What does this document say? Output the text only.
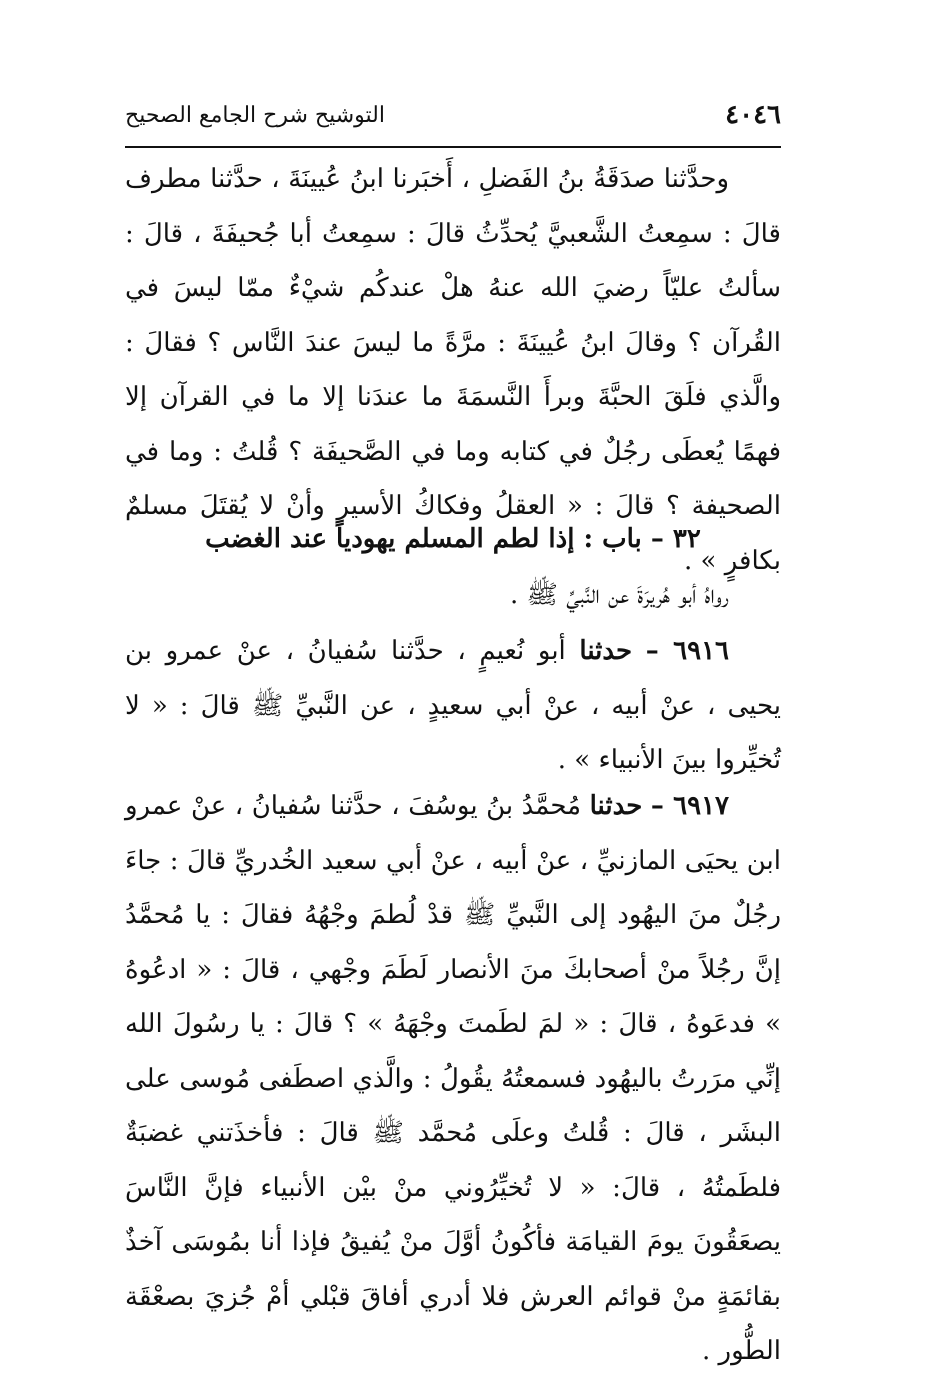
٤٠٤٦
التوشيح شرح الجامع الصحيح

وحدَّثنا صدَقَةُ بنُ الفَضلِ ، أَخبَرنا ابنُ عُيينَةَ ، حدَّثنا مطرف قالَ : سمِعتُ الشَّعبيَّ يُحدِّثُ قالَ : سمِعتُ أبا جُحيفَةَ ، قالَ : سألتُ عليّاً رضيَ الله عنهُ هلْ عندكُم شيْءٌ ممّا ليسَ في القُرآن ؟ وقالَ ابنُ عُيينَةَ : مرَّةً ما ليسَ عندَ النَّاس ؟ فقالَ : والَّذي فلَقَ الحبَّةَ وبرأَ النَّسمَةَ ما عندَنا إلا ما في القرآن إلا فهمًا يُعطَى رجُلٌ في كتابه وما في الصَّحيفَة ؟ قُلتُ : وما في الصحيفة ؟ قالَ : « العقلُ وفكاكُ الأسير وأنْ لا يُقتَلَ مسلمٌ بكافرٍ » .

٣٢ – باب : إذا لطم المسلم يهودياً عند الغضب

رواهُ أبو هُريرَةَ عن النَّبيِّ ﷺ .

٦٩١٦ – حدثنا أبو نُعيمٍ ، حدَّثنا سُفيانُ ، عنْ عمرو بن يحيى ، عنْ أبيه ، عنْ أبي سعيدٍ ، عن النَّبيِّ ﷺ قالَ : « لا تُخيِّروا بينَ الأنبياء » .

٦٩١٧ – حدثنا مُحمَّدُ بنُ يوسُفَ ، حدَّثنا سُفيانُ ، عنْ عمرو ابن يحيَى المازنيِّ ، عنْ أبيه ، عنْ أبي سعيد الخُدريِّ قالَ : جاءَ رجُلٌ منَ اليهُود إلى النَّبيِّ ﷺ قدْ لُطمَ وجْهُهُ فقالَ : يا مُحمَّدُ إنَّ رجُلاً منْ أصحابكَ منَ الأنصار لَطَمَ وجْهي ، قالَ : « ادعُوهُ » فدعَوهُ ، قالَ : « لمَ لطَمتَ وجْهَهُ » ؟ قالَ : يا رسُولَ الله إنِّي مرَرتُ باليهُود فسمعتُهُ يقُولُ : والَّذي اصطَفى مُوسى على البشَر ، قالَ : قُلتُ وعلَى مُحمَّد ﷺ قالَ : فأخذَتني غضبَةٌ فلطَمتُهُ ، قالَ: « لا تُخيِّرُوني منْ بيْن الأنبياء فإنَّ النَّاسَ يصعَقُونَ يومَ القيامَة فأكُونُ أوَّلَ منْ يُفيقُ فإذا أنا بمُوسَى آخذٌ بقائمَةٍ منْ قوائم العرش فلا أدري أفاقَ قبْلي أمْ جُزيَ بصعْقَة الطُّور .
